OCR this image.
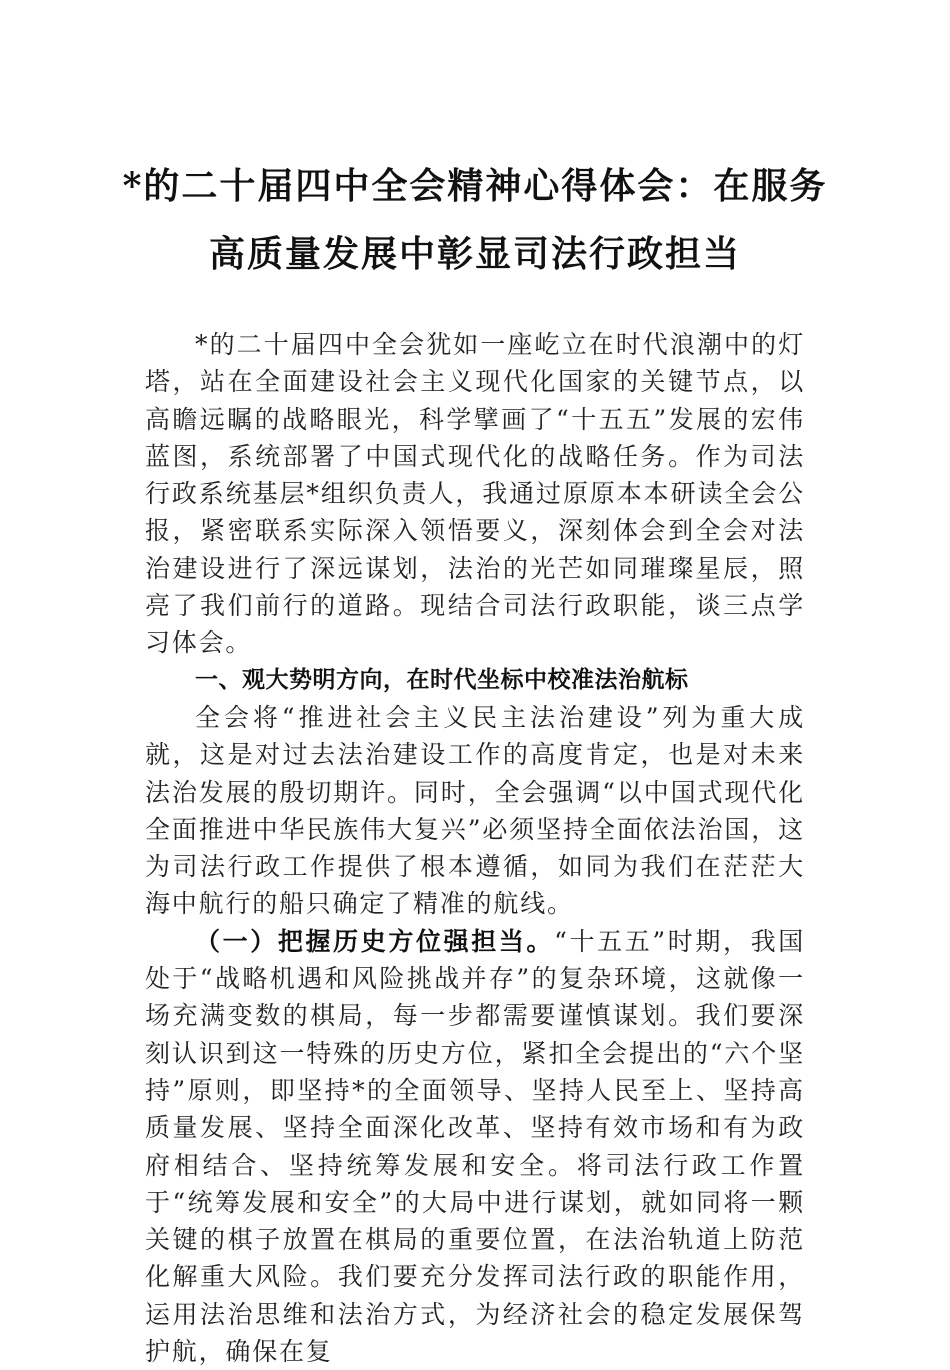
*的二十届四中全会精神心得体会：在服务
高质量发展中彰显司法行政担当

*的二十届四中全会犹如一座屹立在时代浪潮中的灯塔，站在全面建设社会主义现代化国家的关键节点，以高瞻远瞩的战略眼光，科学擘画了“十五五”发展的宏伟蓝图，系统部署了中国式现代化的战略任务。作为司法行政系统基层*组织负责人，我通过原原本本研读全会公报，紧密联系实际深入领悟要义，深刻体会到全会对法治建设进行了深远谋划，法治的光芒如同璀璨星辰，照亮了我们前行的道路。现结合司法行政职能，谈三点学习体会。

一、观大势明方向，在时代坐标中校准法治航标

全会将“推进社会主义民主法治建设”列为重大成就，这是对过去法治建设工作的高度肯定，也是对未来法治发展的殷切期许。同时，全会强调“以中国式现代化全面推进中华民族伟大复兴”必须坚持全面依法治国，这为司法行政工作提供了根本遵循，如同为我们在茫茫大海中航行的船只确定了精准的航线。

（一）把握历史方位强担当。“十五五”时期，我国处于“战略机遇和风险挑战并存”的复杂环境，这就像一场充满变数的棋局，每一步都需要谨慎谋划。我们要深刻认识到这一特殊的历史方位，紧扣全会提出的“六个坚持”原则，即坚持*的全面领导、坚持人民至上、坚持高质量发展、坚持全面深化改革、坚持有效市场和有为政府相结合、坚持统筹发展和安全。将司法行政工作置于“统筹发展和安全”的大局中进行谋划，就如同将一颗关键的棋子放置在棋局的重要位置，在法治轨道上防范化解重大风险。我们要充分发挥司法行政的职能作用，运用法治思维和法治方式，为经济社会的稳定发展保驾护航，确保在复
